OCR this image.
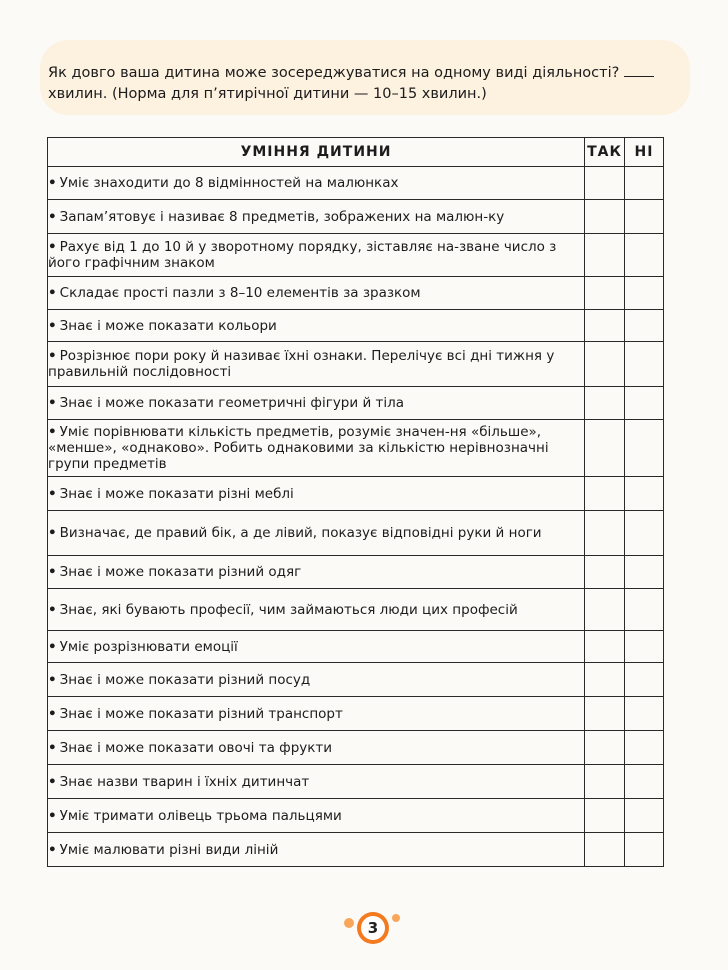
Як довго ваша дитина може зосереджуватися на одному виді діяльності?  хвилин. (Норма для п’ятирічної дитини — 10–15 хвилин.)
УМІННЯ ДИТИНИ	ТАК	НІ
• Уміє знаходити до 8 відмінностей на малюнках		
• Запам’ятовує і називає 8 предметів, зображених на малюн-ку		
• Рахує від 1 до 10 й у зворотному порядку, зіставляє на-зване число з його графічним знаком		
• Складає прості пазли з 8–10 елементів за зразком		
• Знає і може показати кольори		
• Розрізнює пори року й називає їхні ознаки. Перелічує всі дні тижня у правильній послідовності		
• Знає і може показати геометричні фігури й тіла		
• Уміє порівнювати кількість предметів, розуміє значен-ня «більше», «менше», «однаково». Робить однаковими за кількістю нерівнозначні групи предметів		
• Знає і може показати різні меблі		
• Визначає, де правий бік, а де лівий, показує відповідні руки й ноги		
• Знає і може показати різний одяг		
• Знає, які бувають професії, чим займаються люди цих професій		
• Уміє розрізнювати емоції		
• Знає і може показати різний посуд		
• Знає і може показати різний транспорт		
• Знає і може показати овочі та фрукти		
• Знає назви тварин і їхніх дитинчат		
• Уміє тримати олівець трьома пальцями		
• Уміє малювати різні види ліній		
3
